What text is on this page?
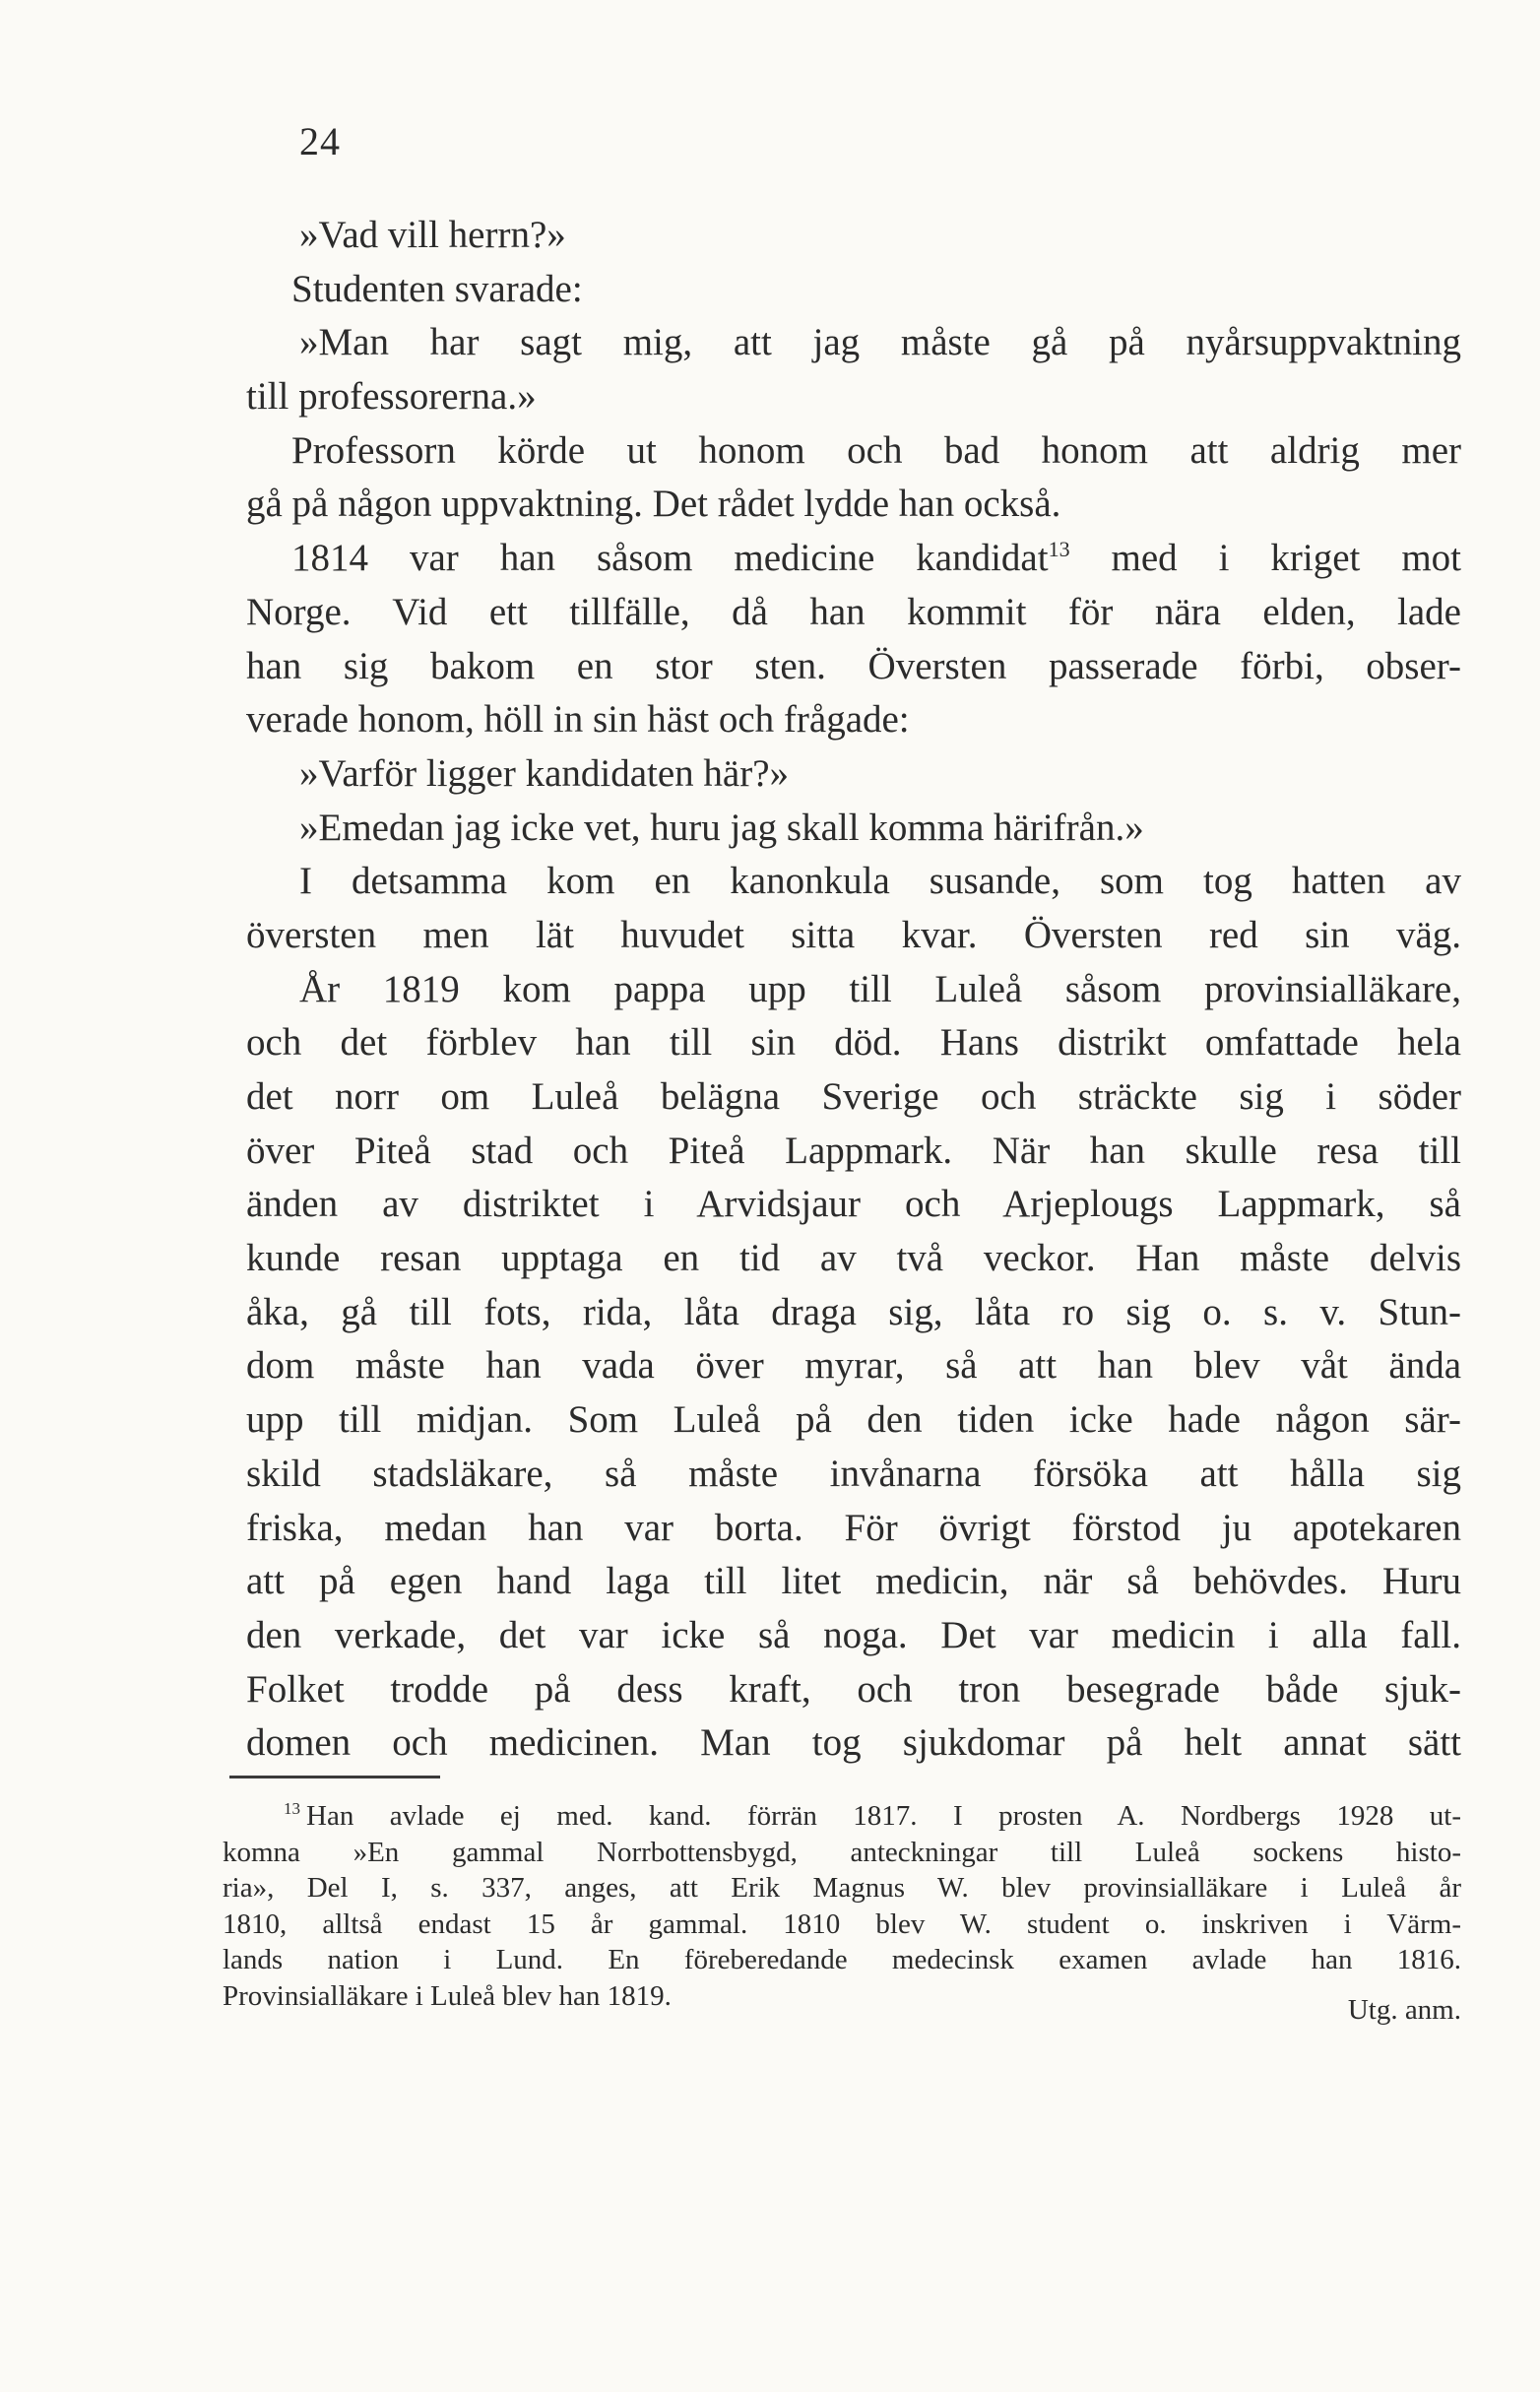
24
»Vad vill herrn?»
Studenten svarade:
»Man har sagt mig, att jag måste gå på nyårsuppvaktning
till professorerna.»
Professorn körde ut honom och bad honom att aldrig mer
gå på någon uppvaktning. Det rådet lydde han också.
1814 var han såsom medicine kandidat$^{13}$ med i kriget mot
Norge. Vid ett tillfälle, då han kommit för nära elden, lade
han sig bakom en stor sten. Översten passerade förbi, obser-
verade honom, höll in sin häst och frågade:
»Varför ligger kandidaten här?»
»Emedan jag icke vet, huru jag skall komma härifrån.»
I detsamma kom en kanonkula susande, som tog hatten av
översten men lät huvudet sitta kvar. Översten red sin väg.
År 1819 kom pappa upp till Luleå såsom provinsialläkare,
och det förblev han till sin död. Hans distrikt omfattade hela
det norr om Luleå belägna Sverige och sträckte sig i söder
över Piteå stad och Piteå Lappmark. När han skulle resa till
änden av distriktet i Arvidsjaur och Arjeplougs Lappmark, så
kunde resan upptaga en tid av två veckor. Han måste delvis
åka, gå till fots, rida, låta draga sig, låta ro sig o. s. v. Stun-
dom måste han vada över myrar, så att han blev våt ända
upp till midjan. Som Luleå på den tiden icke hade någon sär-
skild stadsläkare, så måste invånarna försöka att hålla sig
friska, medan han var borta. För övrigt förstod ju apotekaren
att på egen hand laga till litet medicin, när så behövdes. Huru
den verkade, det var icke så noga. Det var medicin i alla fall.
Folket trodde på dess kraft, och tron besegrade både sjuk-
domen och medicinen. Man tog sjukdomar på helt annat sätt
$^{13}$ Han avlade ej med. kand. förrän 1817. I prosten A. Nordbergs 1928 ut-
komna »En gammal Norrbottensbygd, anteckningar till Luleå sockens histo-
ria», Del I, s. 337, anges, att Erik Magnus W. blev provinsialläkare i Luleå år
1810, alltså endast 15 år gammal. 1810 blev W. student o. inskriven i Värm-
lands nation i Lund. En föreberedande medecinsk examen avlade han 1816.
Provinsialläkare i Luleå blev han 1819.	Utg. anm.
